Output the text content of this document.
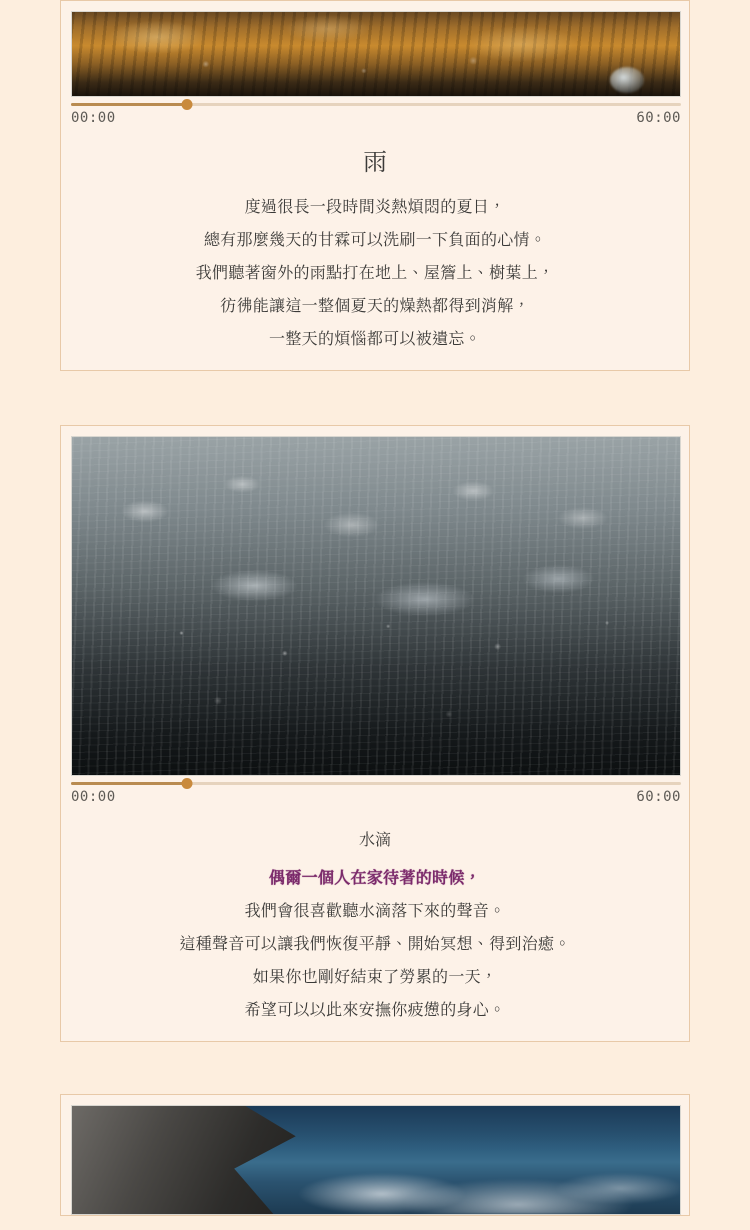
00:00	60:00
雨
度過很長一段時間炎熱煩悶的夏日，
總有那麼幾天的甘霖可以洗刷一下負面的心情。
我們聽著窗外的雨點打在地上、屋簷上、樹葉上，
彷彿能讓這一整個夏天的燥熱都得到消解，
一整天的煩惱都可以被遺忘。
00:00	60:00
水滴
偶爾一個人在家待著的時候，
我們會很喜歡聽水滴落下來的聲音。
這種聲音可以讓我們恢復平靜、開始冥想、得到治癒。
如果你也剛好結束了勞累的一天，
希望可以以此來安撫你疲憊的身心。
